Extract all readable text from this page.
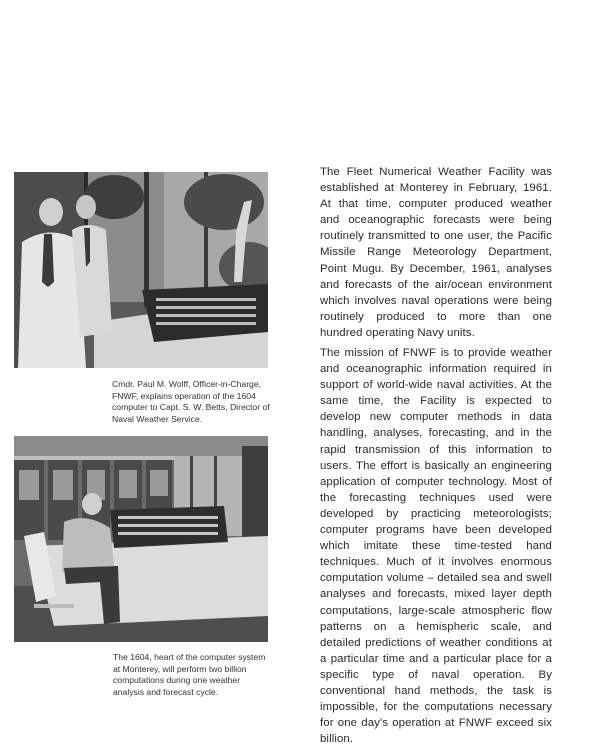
Cmdr. Paul M. Wolff, Officer-in-Charge, FNWF, explains operation of the 1604 computer to Capt. S. W. Betts, Director of Naval Weather Service.

The 1604, heart of the computer system at Monterey, will perform two billion computations during one weather analysis and forecast cycle.

The Fleet Numerical Weather Facility was established at Monterey in February, 1961. At that time, computer produced weather and oceanographic forecasts were being routinely transmitted to one user, the Pacific Missile Range Meteorology Department, Point Mugu. By December, 1961, analyses and forecasts of the air/ocean environment which involves naval operations were being routinely produced to more than one hundred operating Navy units.

The mission of FNWF is to provide weather and oceanographic information required in support of world-wide naval activities. At the same time, the Facility is expected to develop new computer methods in data handling, analyses, forecasting, and in the rapid transmission of this information to users. The effort is basically an engineering application of computer technology. Most of the forecasting techniques used were developed by practicing meteorologists; computer programs have been developed which imitate these time-tested hand techniques. Much of it involves enormous computation volume – detailed sea and swell analyses and forecasts, mixed layer depth computations, large-scale atmospheric flow patterns on a hemispheric scale, and detailed predictions of weather conditions at a particular time and a particular place for a specific type of naval operation. By conventional hand methods, the task is impossible, for the computations necessary for one day's operation at FNWF exceed six billion.
